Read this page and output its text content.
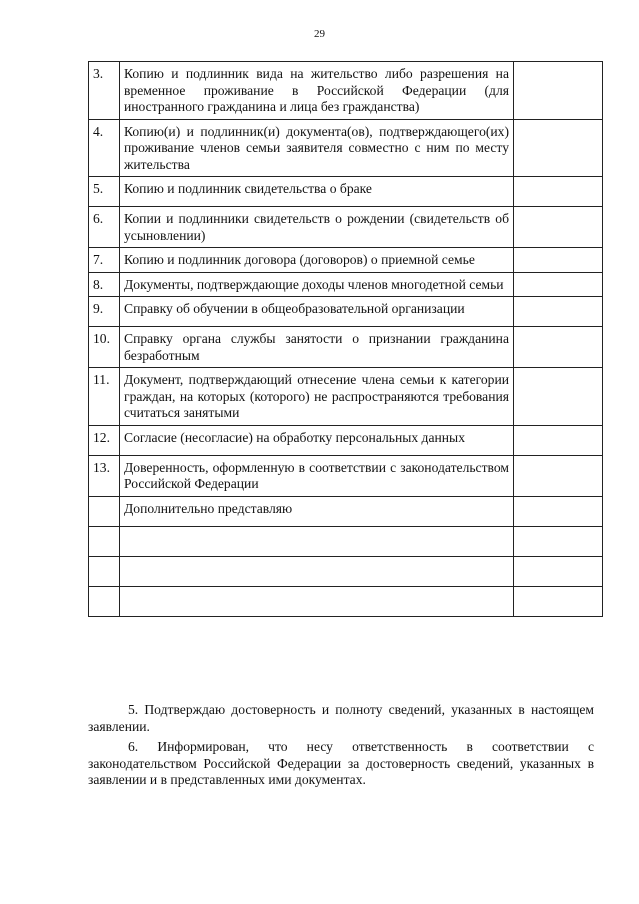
29
3.	Копию и подлинник вида на жительство либо разрешения на временное проживание в Российской Федерации (для иностранного гражданина и лица без гражданства)	
4.	Копию(и) и подлинник(и) документа(ов), подтверждающего(их) проживание членов семьи заявителя совместно с ним по месту жительства	
5.	Копию и подлинник свидетельства о браке	
6.	Копии и подлинники свидетельств о рождении (свидетельств об усыновлении)	
7.	Копию и подлинник договора (договоров) о приемной семье	
8.	Документы, подтверждающие доходы членов многодетной семьи	
9.	Справку об обучении в общеобразовательной организации	
10.	Справку органа службы занятости о признании гражданина безработным	
11.	Документ, подтверждающий отнесение члена семьи к категории граждан, на которых (которого) не распространяются требования считаться занятыми	
12.	Согласие (несогласие) на обработку персональных данных	
13.	Доверенность, оформленную в соответствии с законодательством Российской Федерации	
	Дополнительно представляю	

5. Подтверждаю достоверность и полноту сведений, указанных в настоящем заявлении.

6. Информирован, что несу ответственность в соответствии с законодательством Российской Федерации за достоверность сведений, указанных в заявлении и в представленных ими документах.
